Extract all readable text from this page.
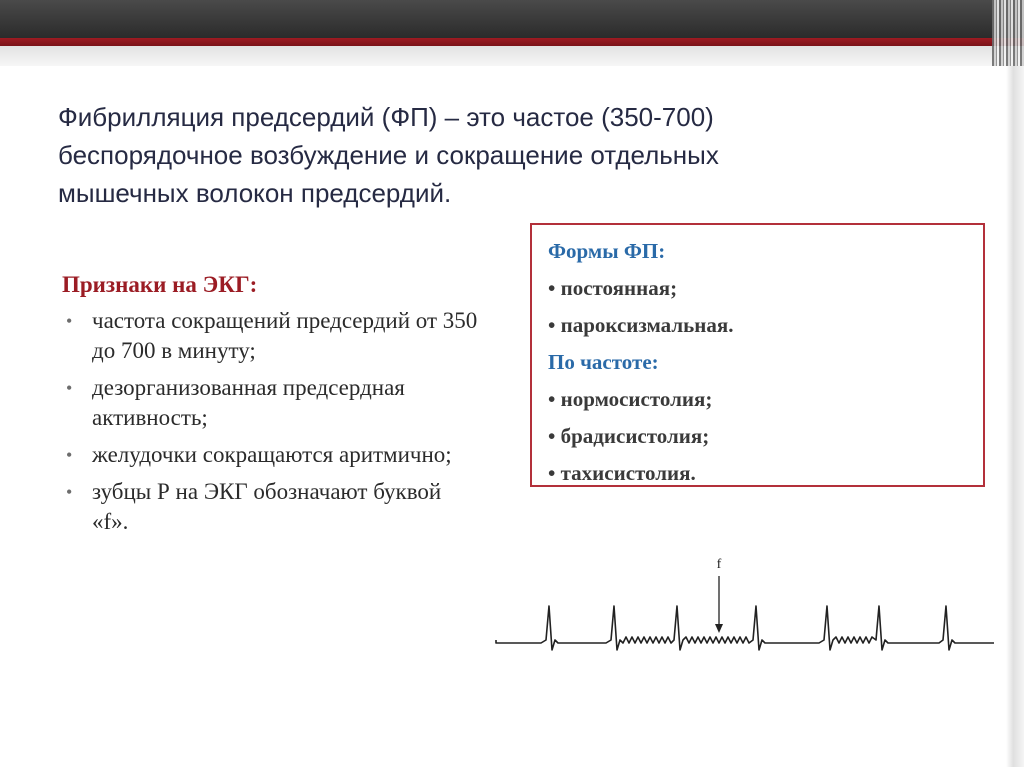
Фибрилляция предсердий (ФП) – это частое (350-700)
беспорядочное возбуждение и сокращение отдельных
мышечных волокон предсердий.

Признаки на ЭКГ:

• частота сокращений предсердий от 350 до 700 в минуту;
• дезорганизованная предсердная активность;
• желудочки сокращаются аритмично;
• зубцы Р на ЭКГ обозначают буквой «f».

Формы ФП:

• постоянная;

• пароксизмальная.

По частоте:

• нормосистолия;

• брадисистолия;

• тахисистолия.

f
